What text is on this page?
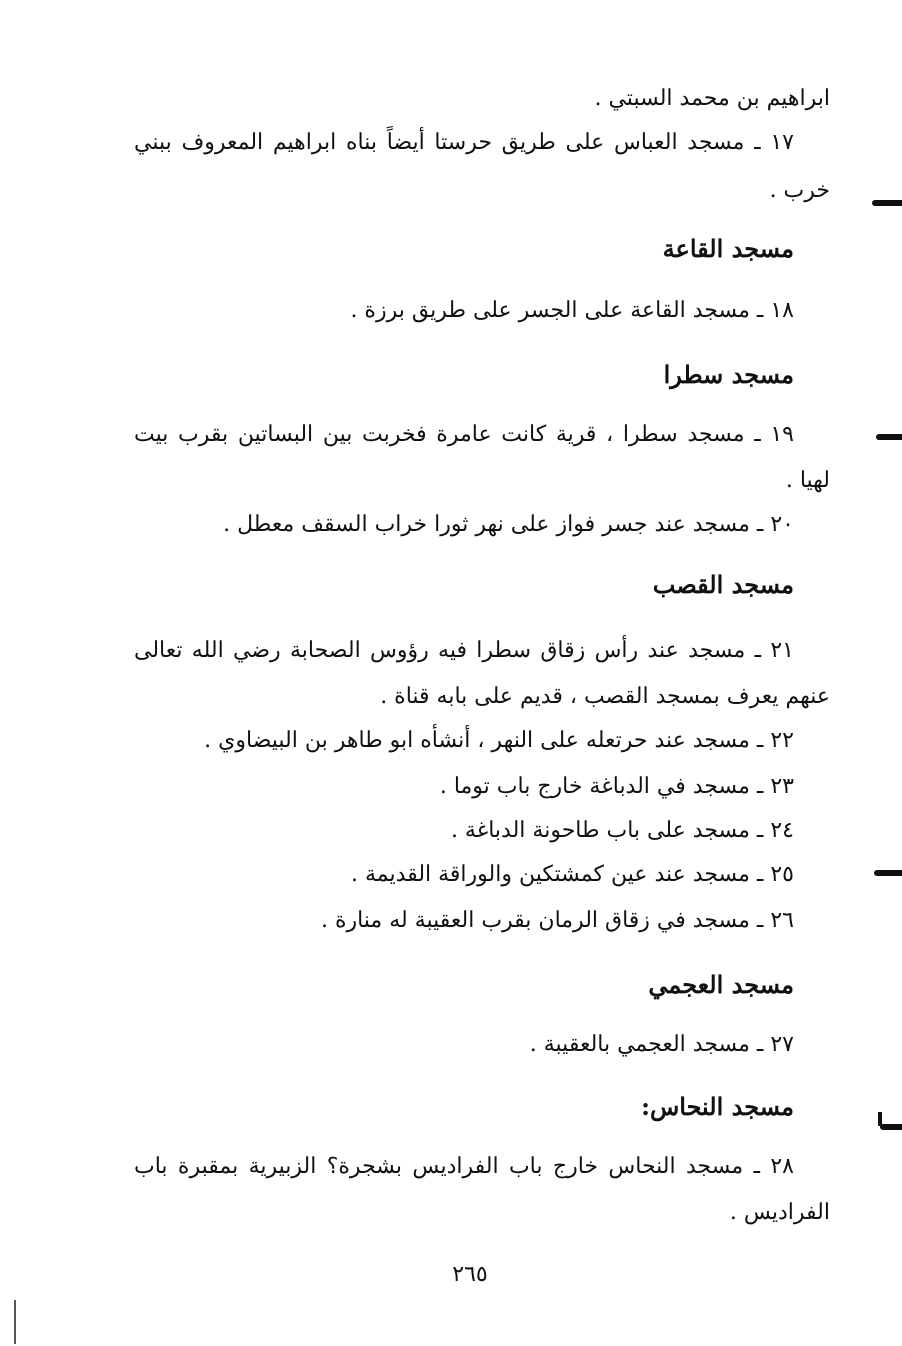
ابراهيم بن محمد السبتي .

١٧ ـ مسجد العباس على طريق حرستا أيضاً بناه ابراهيم المعروف ببني

خرب .

مسجد القاعة

١٨ ـ مسجد القاعة على الجسر على طريق برزة .

مسجد سطرا

١٩ ـ مسجد سطرا ، قرية كانت عامرة فخربت بين البساتين بقرب بيت

لهيا .

٢٠ ـ مسجد عند جسر فواز على نهر ثورا خراب السقف معطل .

مسجد القصب

٢١ ـ مسجد عند رأس زقاق سطرا فيه رؤوس الصحابة رضي الله تعالى

عنهم يعرف بمسجد القصب ، قديم على بابه قناة .

٢٢ ـ مسجد عند حرتعله على النهر ، أنشأه ابو طاهر بن البيضاوي .

٢٣ ـ مسجد في الدباغة خارج باب توما .

٢٤ ـ مسجد على باب طاحونة الدباغة .

٢٥ ـ مسجد عند عين كمشتكين والوراقة القديمة .

٢٦ ـ مسجد في زقاق الرمان بقرب العقيبة له منارة .

مسجد العجمي

٢٧ ـ مسجد العجمي بالعقيبة .

مسجد النحاس:

٢٨ ـ مسجد النحاس خارج باب الفراديس بشجرة؟ الزبيرية بمقبرة باب

الفراديس .

٢٦٥
